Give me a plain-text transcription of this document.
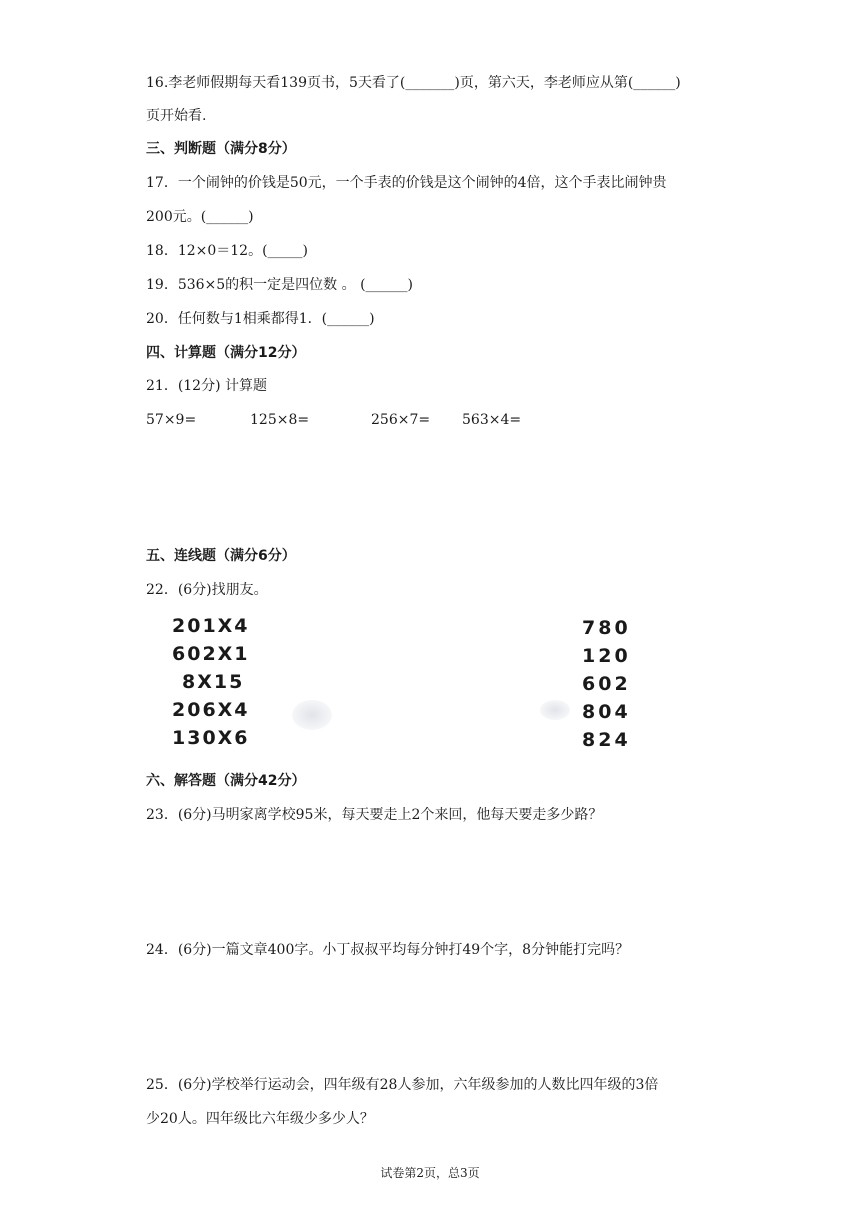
16.李老师假期每天看139页书，5天看了(_______)页，第六天，李老师应从第(______)
页开始看.
三、判断题（满分8分）
17．一个闹钟的价钱是50元，一个手表的价钱是这个闹钟的4倍，这个手表比闹钟贵
200元。(______)
18．12×0＝12。(_____)
19．536×5的积一定是四位数 。 (______)
20．任何数与1相乘都得1．(______)
四、计算题（满分12分）
21．(12分) 计算题
57×9=	125×8=	256×7= 563×4=
五、连线题（满分6分）
22．(6分)找朋友。
201X4
602X1
8X15
206X4
130X6
780
120
602
804
824
六、解答题（满分42分）
23．(6分)马明家离学校95米，每天要走上2个来回，他每天要走多少路？
24．(6分)一篇文章400字。小丁叔叔平均每分钟打49个字，8分钟能打完吗？
25．(6分)学校举行运动会，四年级有28人参加，六年级参加的人数比四年级的3倍
少20人。四年级比六年级少多少人？
试卷第2页，总3页
